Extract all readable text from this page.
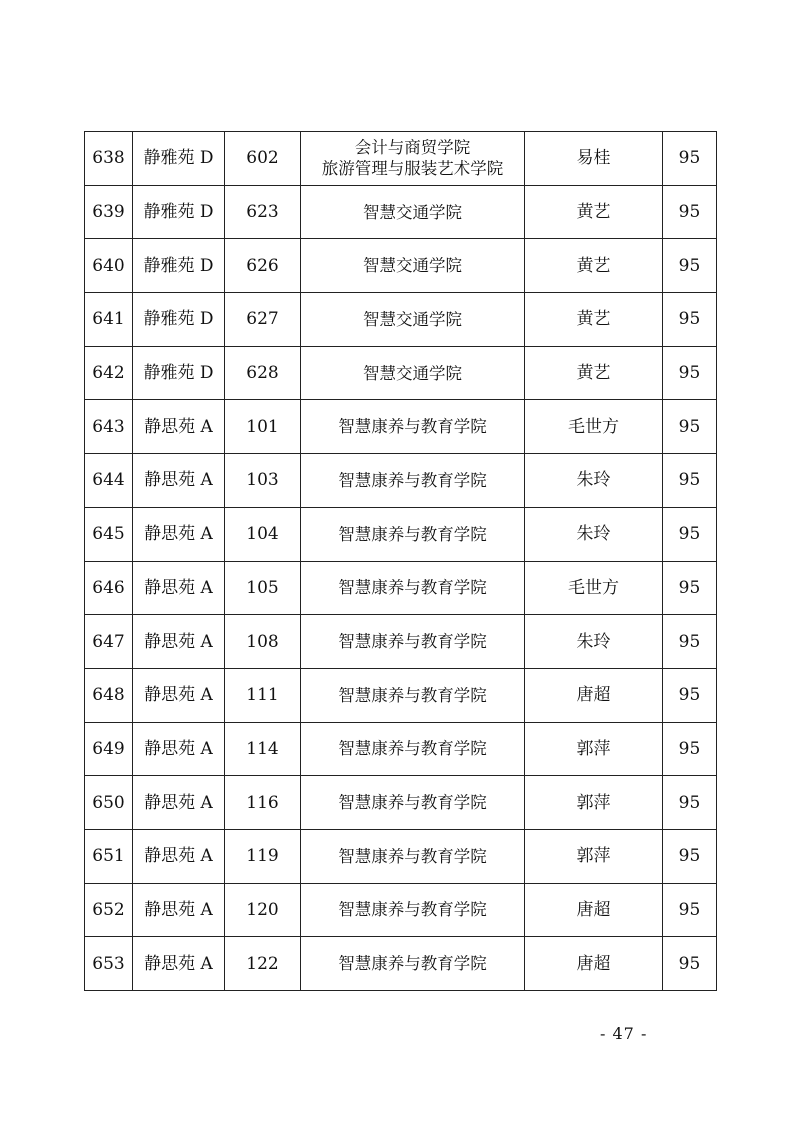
638	静雅苑 D	602	会计与商贸学院
旅游管理与服装艺术学院	易桂	95
639	静雅苑 D	623	智慧交通学院	黄艺	95
640	静雅苑 D	626	智慧交通学院	黄艺	95
641	静雅苑 D	627	智慧交通学院	黄艺	95
642	静雅苑 D	628	智慧交通学院	黄艺	95
643	静思苑 A	101	智慧康养与教育学院	毛世方	95
644	静思苑 A	103	智慧康养与教育学院	朱玲	95
645	静思苑 A	104	智慧康养与教育学院	朱玲	95
646	静思苑 A	105	智慧康养与教育学院	毛世方	95
647	静思苑 A	108	智慧康养与教育学院	朱玲	95
648	静思苑 A	111	智慧康养与教育学院	唐超	95
649	静思苑 A	114	智慧康养与教育学院	郭萍	95
650	静思苑 A	116	智慧康养与教育学院	郭萍	95
651	静思苑 A	119	智慧康养与教育学院	郭萍	95
652	静思苑 A	120	智慧康养与教育学院	唐超	95
653	静思苑 A	122	智慧康养与教育学院	唐超	95
- 47 -
